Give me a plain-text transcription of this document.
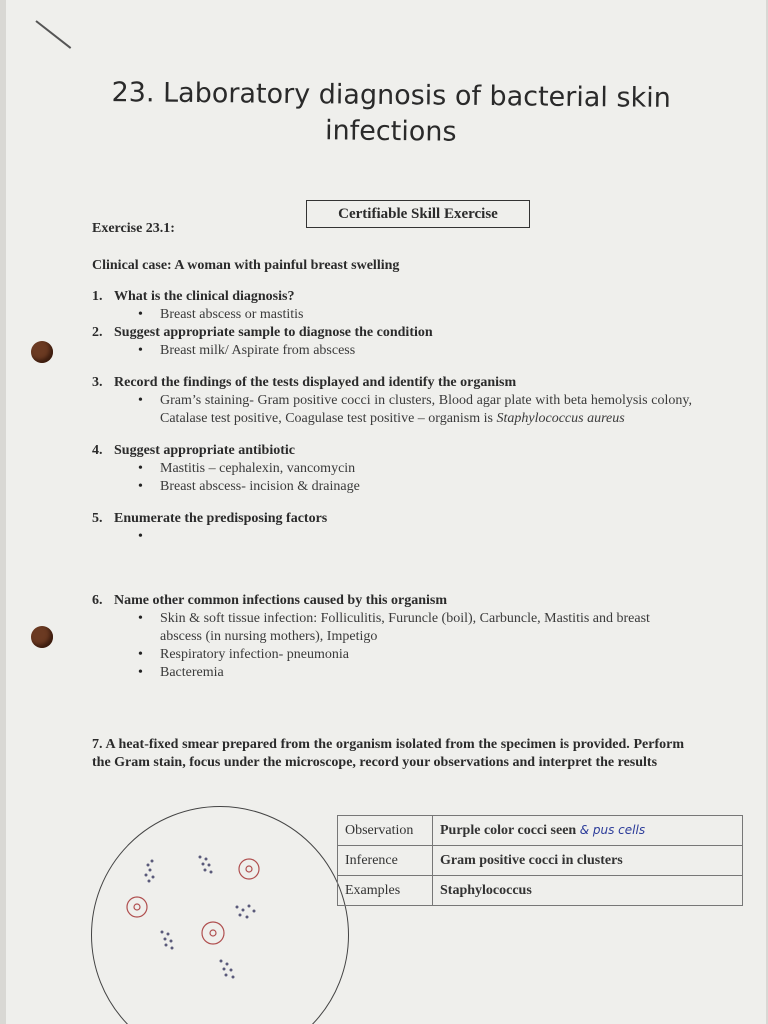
23. Laboratory diagnosis of bacterial skin
infections
Certifiable Skill Exercise
Exercise 23.1:
Clinical case: A woman with painful breast swelling
1. What is the clinical diagnosis?
• Breast abscess or mastitis
2. Suggest appropriate sample to diagnose the condition
• Breast milk/ Aspirate from abscess
3. Record the findings of the tests displayed and identify the organism
• Gram’s staining- Gram positive cocci in clusters, Blood agar plate with beta hemolysis colony, Catalase test positive, Coagulase test positive – organism is Staphylococcus aureus
4. Suggest appropriate antibiotic
• Mastitis – cephalexin, vancomycin
• Breast abscess- incision & drainage
5. Enumerate the predisposing factors
•
6. Name other common infections caused by this organism
• Skin & soft tissue infection: Folliculitis, Furuncle (boil), Carbuncle, Mastitis and breast abscess (in nursing mothers), Impetigo
• Respiratory infection- pneumonia
• Bacteremia
7. A heat-fixed smear prepared from the organism isolated from the specimen is provided. Perform the Gram stain, focus under the microscope, record your observations and interpret the results
Observation	Purple color cocci seen & pus cells
Inference	Gram positive cocci in clusters
Examples	Staphylococcus
